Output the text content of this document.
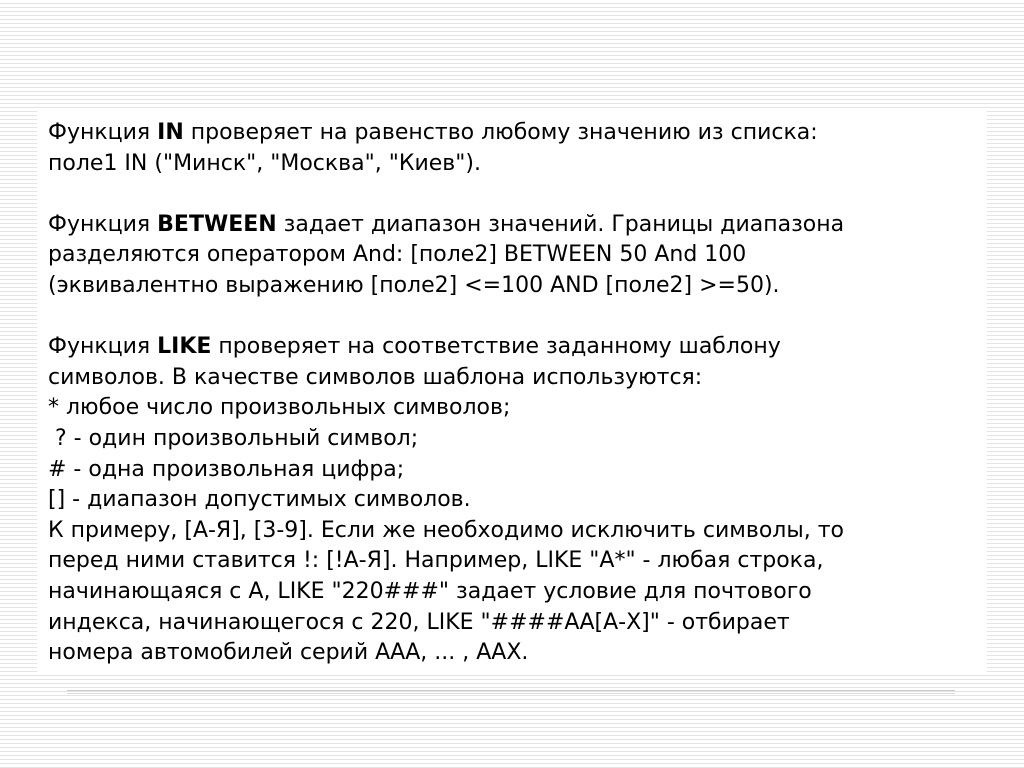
Функция IN проверяет на равенство любому значению из списка:

поле1 IN ("Минск", "Москва", "Киев").

Функция BETWEEN задает диапазон значений. Границы диапазона

разделяются оператором And: [поле2] BETWEEN 50 And 100

(эквивалентно выражению [поле2] <=100 AND [поле2] >=50).

Функция LIKE проверяет на соответствие заданному шаблону

символов. В качестве символов шаблона используются:

* любое число произвольных символов;

? - один произвольный символ;

# - одна произвольная цифра;

[] - диапазон допустимых символов.

К примеру, [А-Я], [3-9]. Если же необходимо исключить символы, то

перед ними ставится !: [!А-Я]. Например, LIKE "А*" - любая строка,

начинающаяся с А, LIKE "220###" задает условие для почтового

индекса, начинающегося с 220, LIKE "####АА[А-Х]" - отбирает

номера автомобилей серий ААА, ... , ААХ.
